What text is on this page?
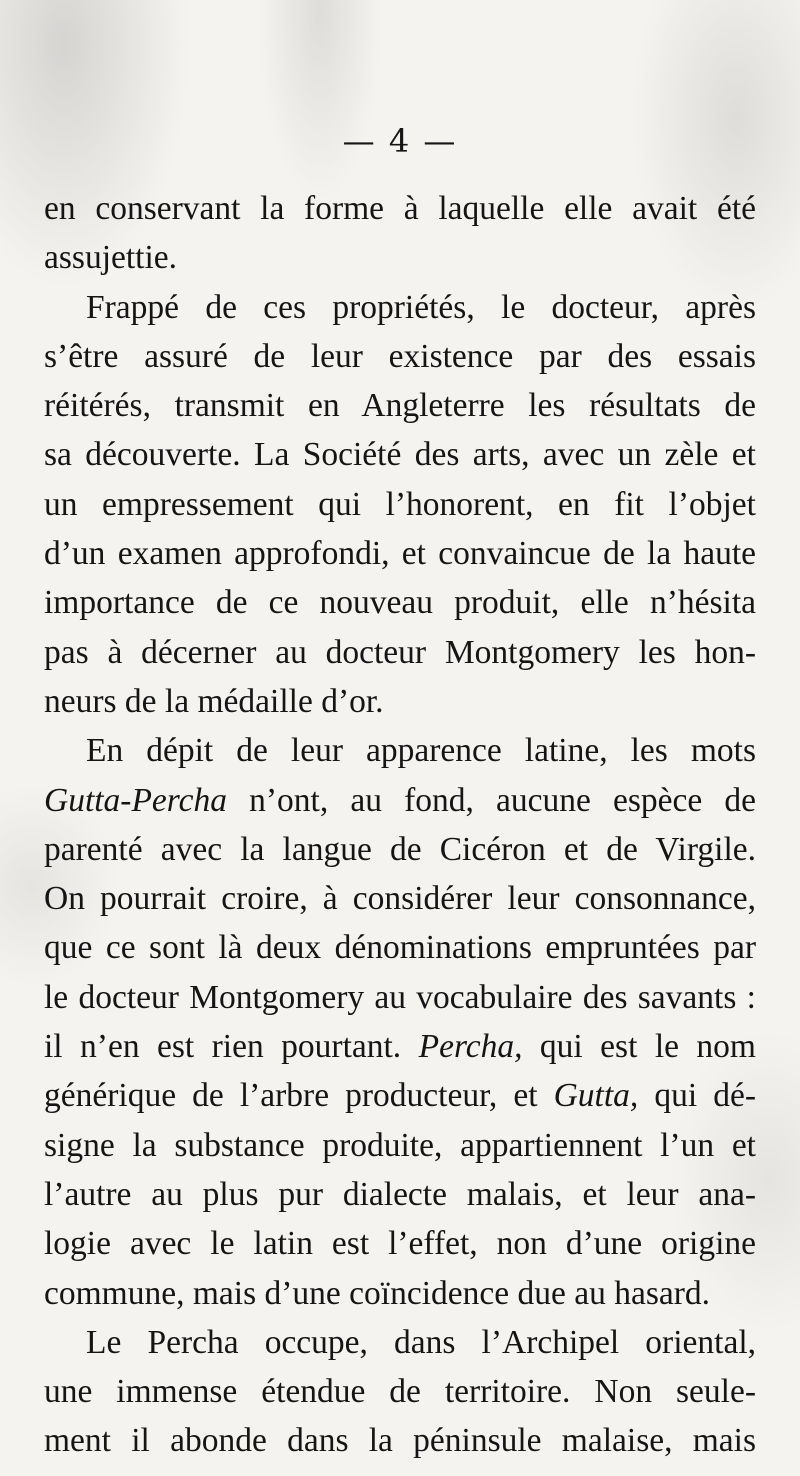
— 4 —
en conservant la forme à laquelle elle avait été
assujettie.
Frappé de ces propriétés, le docteur, après
s’être assuré de leur existence par des essais
réitérés, transmit en Angleterre les résultats de
sa découverte. La Société des arts, avec un zèle et
un empressement qui l’honorent, en fit l’objet
d’un examen approfondi, et convaincue de la haute
importance de ce nouveau produit, elle n’hésita
pas à décerner au docteur Montgomery les hon-
neurs de la médaille d’or.
En dépit de leur apparence latine, les mots
Gutta-Percha n’ont, au fond, aucune espèce de
parenté avec la langue de Cicéron et de Virgile.
On pourrait croire, à considérer leur consonnance,
que ce sont là deux dénominations empruntées par
le docteur Montgomery au vocabulaire des savants :
il n’en est rien pourtant. Percha, qui est le nom
générique de l’arbre producteur, et Gutta, qui dé-
signe la substance produite, appartiennent l’un et
l’autre au plus pur dialecte malais, et leur ana-
logie avec le latin est l’effet, non d’une origine
commune, mais d’une coïncidence due au hasard.
Le Percha occupe, dans l’Archipel oriental,
une immense étendue de territoire. Non seule-
ment il abonde dans la péninsule malaise, mais
